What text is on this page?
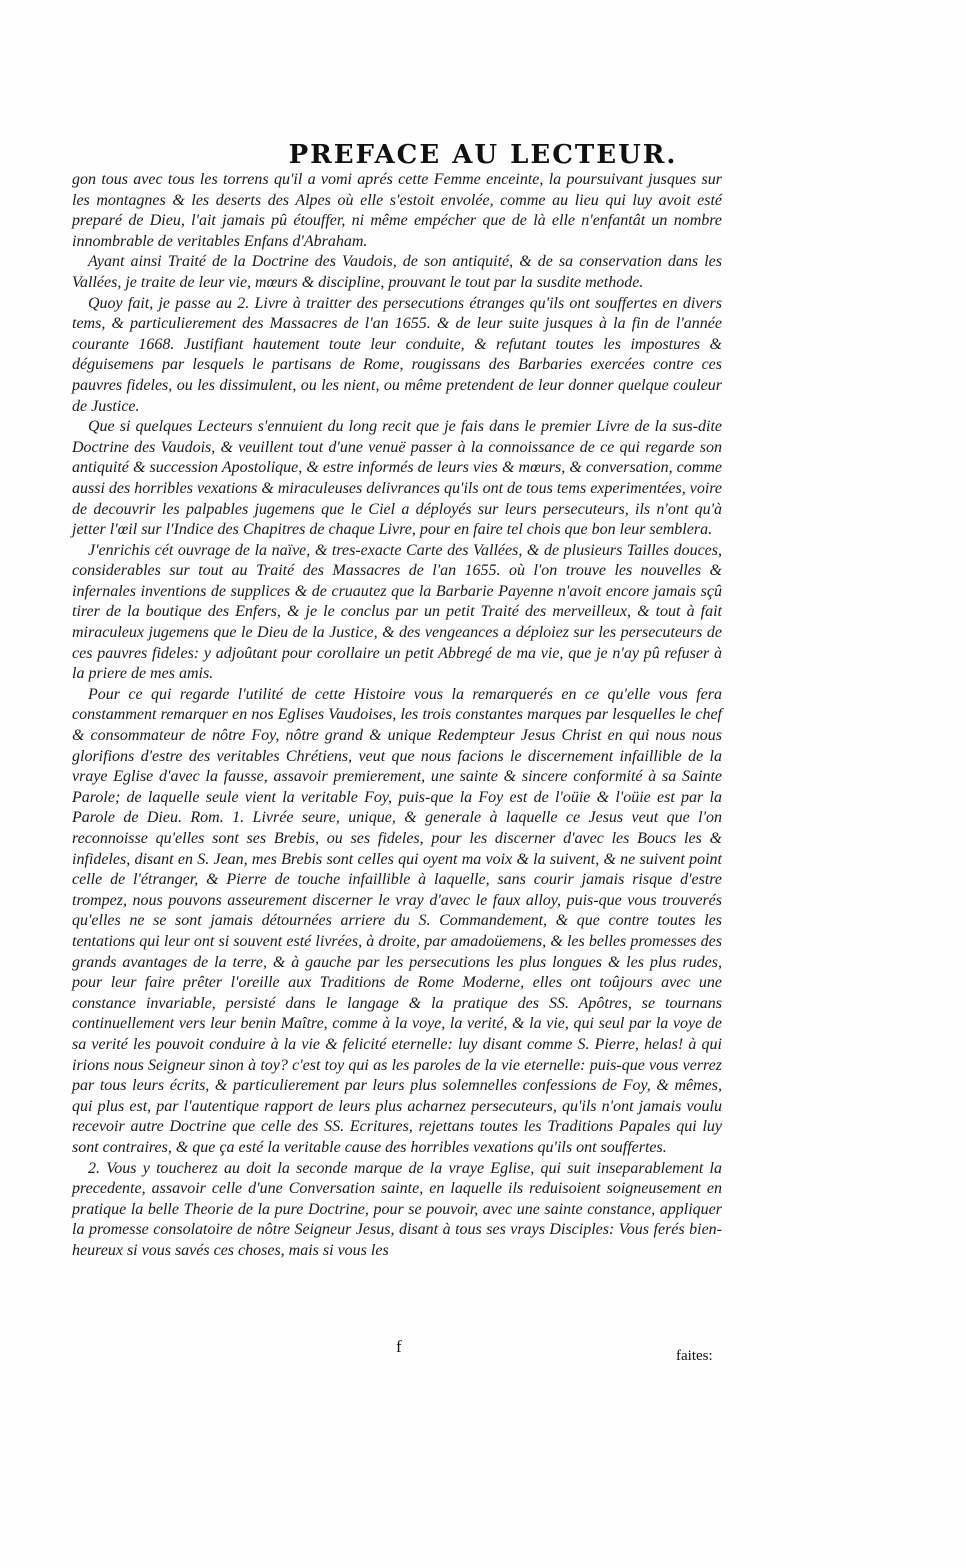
PREFACE AU LECTEUR.

gon tous avec tous les torrens qu'il a vomi aprés cette Femme enceinte, la poursuivant jusques sur les montagnes & les deserts des Alpes où elle s'estoit envolée, comme au lieu qui luy avoit esté preparé de Dieu, l'ait jamais pû étouffer, ni même empécher que de là elle n'enfantât un nombre innombrable de veritables Enfans d'Abraham.

Ayant ainsi Traité de la Doctrine des Vaudois, de son antiquité, & de sa conservation dans les Vallées, je traite de leur vie, mœurs & discipline, prouvant le tout par la susdite methode.

Quoy fait, je passe au 2. Livre à traitter des persecutions étranges qu'ils ont souffertes en divers tems, & particulierement des Massacres de l'an 1655. & de leur suite jusques à la fin de l'année courante 1668. Justifiant hautement toute leur conduite, & refutant toutes les impostures & déguisemens par lesquels le partisans de Rome, rougissans des Barbaries exercées contre ces pauvres fideles, ou les dissimulent, ou les nient, ou même pretendent de leur donner quelque couleur de Justice.

Que si quelques Lecteurs s'ennuient du long recit que je fais dans le premier Livre de la sus-dite Doctrine des Vaudois, & veuillent tout d'une venuë passer à la connoissance de ce qui regarde son antiquité & succession Apostolique, & estre informés de leurs vies & mœurs, & conversation, comme aussi des horribles vexations & miraculeuses delivrances qu'ils ont de tous tems experimentées, voire de decouvrir les palpables jugemens que le Ciel a déployés sur leurs persecuteurs, ils n'ont qu'à jetter l'œil sur l'Indice des Chapitres de chaque Livre, pour en faire tel chois que bon leur semblera.

J'enrichis cét ouvrage de la naïve, & tres-exacte Carte des Vallées, & de plusieurs Tailles douces, considerables sur tout au Traité des Massacres de l'an 1655. où l'on trouve les nouvelles & infernales inventions de supplices & de cruautez que la Barbarie Payenne n'avoit encore jamais sçû tirer de la boutique des Enfers, & je le conclus par un petit Traité des merveilleux, & tout à fait miraculeux jugemens que le Dieu de la Justice, & des vengeances a déploiez sur les persecuteurs de ces pauvres fideles: y adjoûtant pour corollaire un petit Abbregé de ma vie, que je n'ay pû refuser à la priere de mes amis.

Pour ce qui regarde l'utilité de cette Histoire vous la remarquerés en ce qu'elle vous fera constamment remarquer en nos Eglises Vaudoises, les trois constantes marques par lesquelles le chef & consommateur de nôtre Foy, nôtre grand & unique Redempteur Jesus Christ en qui nous nous glorifions d'estre des veritables Chrétiens, veut que nous facions le discernement infaillible de la vraye Eglise d'avec la fausse, assavoir premierement, une sainte & sincere conformité à sa Sainte Parole; de laquelle seule vient la veritable Foy, puis-que la Foy est de l'oüie & l'oüie est par la Parole de Dieu. Rom. 1. Livrée seure, unique, & generale à laquelle ce Jesus veut que l'on reconnoisse qu'elles sont ses Brebis, ou ses fideles, pour les discerner d'avec les Boucs les & infideles, disant en S. Jean, mes Brebis sont celles qui oyent ma voix & la suivent, & ne suivent point celle de l'étranger, & Pierre de touche infaillible à laquelle, sans courir jamais risque d'estre trompez, nous pouvons asseurement discerner le vray d'avec le faux alloy, puis-que vous trouverés qu'elles ne se sont jamais détournées arriere du S. Commandement, & que contre toutes les tentations qui leur ont si souvent esté livrées, à droite, par amadoüemens, & les belles promesses des grands avantages de la terre, & à gauche par les persecutions les plus longues & les plus rudes, pour leur faire prêter l'oreille aux Traditions de Rome Moderne, elles ont toûjours avec une constance invariable, persisté dans le langage & la pratique des SS. Apôtres, se tournans continuellement vers leur benin Maître, comme à la voye, la verité, & la vie, qui seul par la voye de sa verité les pouvoit conduire à la vie & felicité eternelle: luy disant comme S. Pierre, helas! à qui irions nous Seigneur sinon à toy? c'est toy qui as les paroles de la vie eternelle: puis-que vous verrez par tous leurs écrits, & particulierement par leurs plus solemnelles confessions de Foy, & mêmes, qui plus est, par l'autentique rapport de leurs plus acharnez persecuteurs, qu'ils n'ont jamais voulu recevoir autre Doctrine que celle des SS. Ecritures, rejettans toutes les Traditions Papales qui luy sont contraires, & que ça esté la veritable cause des horribles vexations qu'ils ont souffertes.

2. Vous y toucherez au doit la seconde marque de la vraye Eglise, qui suit inseparablement la precedente, assavoir celle d'une Conversation sainte, en laquelle ils reduisoient soigneusement en pratique la belle Theorie de la pure Doctrine, pour se pouvoir, avec une sainte constance, appliquer la promesse consolatoire de nôtre Seigneur Jesus, disant à tous ses vrays Disciples: Vous ferés bien-heureux si vous savés ces choses, mais si vous les

f	faites:
